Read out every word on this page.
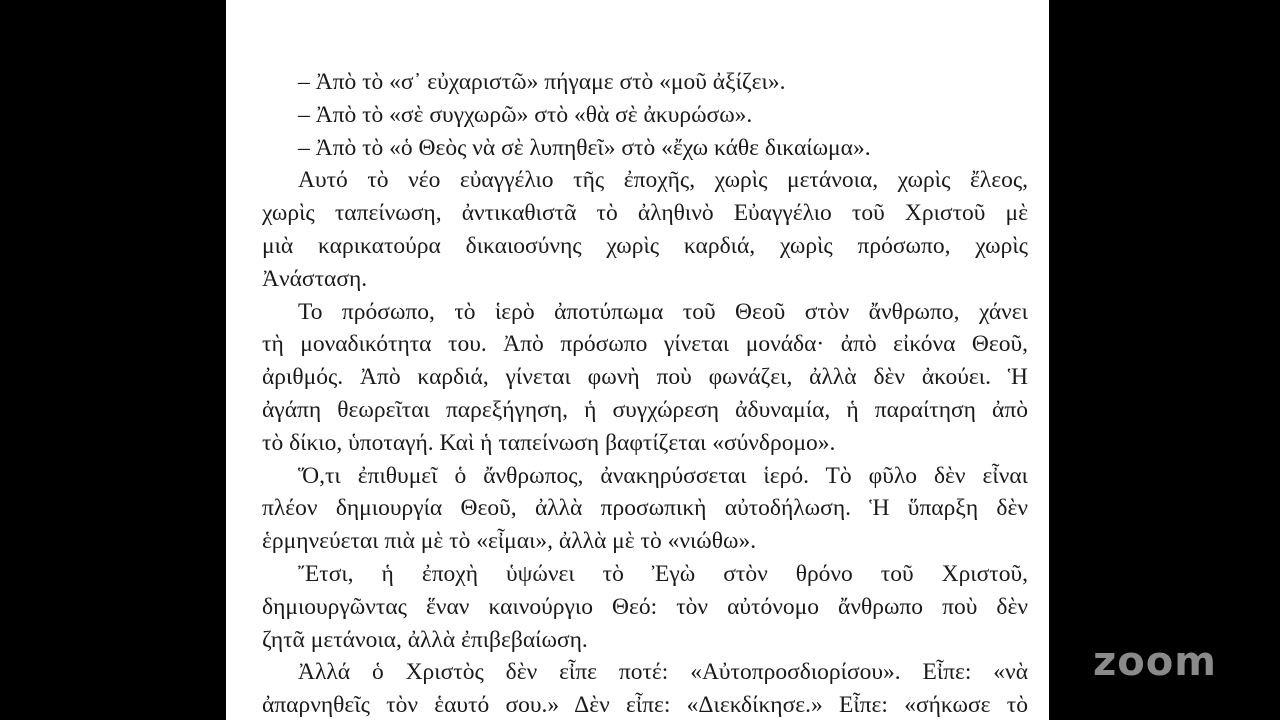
– Ἀπὸ τὸ «σ᾽ εὐχαριστῶ» πήγαμε στὸ «μοῦ ἀξίζει».
– Ἀπὸ τὸ «σὲ συγχωρῶ» στὸ «θὰ σὲ ἀκυρώσω».
– Ἀπὸ τὸ «ὁ Θεὸς νὰ σὲ λυπηθεῖ» στὸ «ἔχω κάθε δικαίωμα».
Αυτό τὸ νέο εὐαγγέλιο τῆς ἐποχῆς, χωρὶς μετάνοια, χωρὶς ἔλεος,
χωρὶς ταπείνωση, ἀντικαθιστᾶ τὸ ἀληθινὸ Εὐαγγέλιο τοῦ Χριστοῦ μὲ
μιὰ καρικατούρα δικαιοσύνης χωρὶς καρδιά, χωρὶς πρόσωπο, χωρὶς
Ἀνάσταση.
Το πρόσωπο, τὸ ἱερὸ ἀποτύπωμα τοῦ Θεοῦ στὸν ἄνθρωπο, χάνει
τὴ μοναδικότητα του. Ἀπὸ πρόσωπο γίνεται μονάδα· ἀπὸ εἰκόνα Θεοῦ,
ἀριθμός. Ἀπὸ καρδιά, γίνεται φωνὴ ποὺ φωνάζει, ἀλλὰ δὲν ἀκούει. Ἡ
ἀγάπη θεωρεῖται παρεξήγηση, ἡ συγχώρεση ἀδυναμία, ἡ παραίτηση ἀπὸ
τὸ δίκιο, ὑποταγή. Καὶ ἡ ταπείνωση βαφτίζεται «σύνδρομο».
Ὅ,τι ἐπιθυμεῖ ὁ ἄνθρωπος, ἀνακηρύσσεται ἱερό. Τὸ φῦλο δὲν εἶναι
πλέον δημιουργία Θεοῦ, ἀλλὰ προσωπικὴ αὐτοδήλωση. Ἡ ὕπαρξη δὲν
ἑρμηνεύεται πιὰ μὲ τὸ «εἶμαι», ἀλλὰ μὲ τὸ «νιώθω».
Ἔτσι, ἡ ἐποχὴ ὑψώνει τὸ Ἐγὼ στὸν θρόνο τοῦ Χριστοῦ,
δημιουργῶντας ἕναν καινούργιο Θεό: τὸν αὐτόνομο ἄνθρωπο ποὺ δὲν
ζητᾶ μετάνοια, ἀλλὰ ἐπιβεβαίωση.
Ἀλλά ὁ Χριστὸς δὲν εἶπε ποτέ: «Αὐτοπροσδιορίσου». Εἶπε: «νὰ
ἀπαρνηθεῖς τὸν ἑαυτό σου.» Δὲν εἶπε: «Διεκδίκησε.» Εἶπε: «σήκωσε τὸ
zoom
